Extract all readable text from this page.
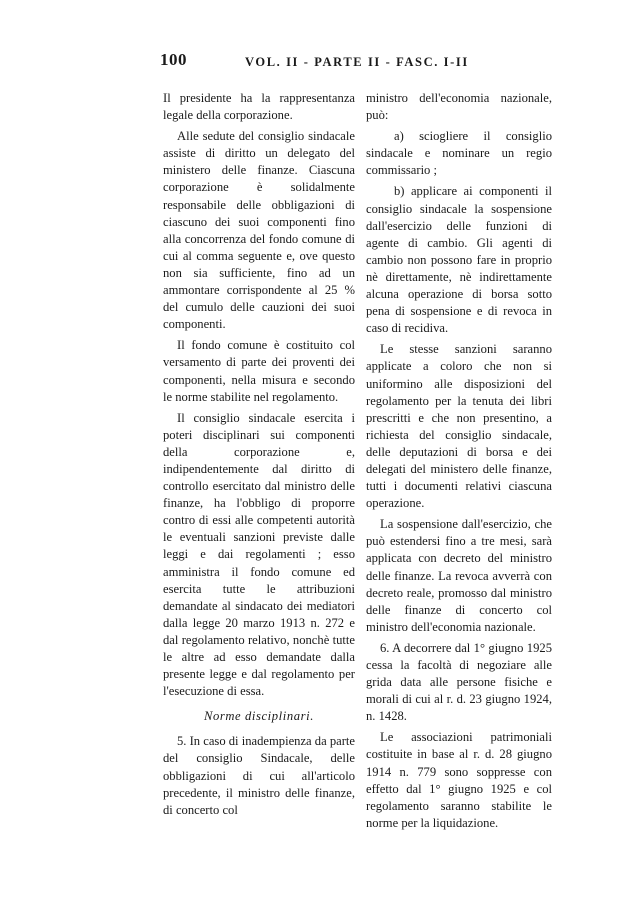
100	VOL. II - PARTE II - FASC. I-II

Il presidente ha la rappresentanza legale della corporazione.

Alle sedute del consiglio sindacale assiste di diritto un delegato del ministero delle finanze. Ciascuna corporazione è solidalmente responsabile delle obbligazioni di ciascuno dei suoi componenti fino alla concorrenza del fondo comune di cui al comma seguente e, ove questo non sia sufficiente, fino ad un ammontare corrispondente al 25 % del cumulo delle cauzioni dei suoi componenti.

Il fondo comune è costituito col versamento di parte dei proventi dei componenti, nella misura e secondo le norme stabilite nel regolamento.

Il consiglio sindacale esercita i poteri disciplinari sui componenti della corporazione e, indipendentemente dal diritto di controllo esercitato dal ministro delle finanze, ha l'obbligo di proporre contro di essi alle competenti autorità le eventuali sanzioni previste dalle leggi e dai regolamenti ; esso amministra il fondo comune ed esercita tutte le attribuzioni demandate al sindacato dei mediatori dalla legge 20 marzo 1913 n. 272 e dal regolamento relativo, nonchè tutte le altre ad esso demandate dalla presente legge e dal regolamento per l'esecuzione di essa.

Norme disciplinari.

5. In caso di inadempienza da parte del consiglio Sindacale, delle obbligazioni di cui all'articolo precedente, il ministro delle finanze, di concerto col

ministro dell'economia nazionale, può:

a) sciogliere il consiglio sindacale e nominare un regio commissario ;

b) applicare ai componenti il consiglio sindacale la sospensione dall'esercizio delle funzioni di agente di cambio. Gli agenti di cambio non possono fare in proprio nè direttamente, nè indirettamente alcuna operazione di borsa sotto pena di sospensione e di revoca in caso di recidiva.

Le stesse sanzioni saranno applicate a coloro che non si uniformino alle disposizioni del regolamento per la tenuta dei libri prescritti e che non presentino, a richiesta del consiglio sindacale, delle deputazioni di borsa e dei delegati del ministero delle finanze, tutti i documenti relativi ciascuna operazione.

La sospensione dall'esercizio, che può estendersi fino a tre mesi, sarà applicata con decreto del ministro delle finanze. La revoca avverrà con decreto reale, promosso dal ministro delle finanze di concerto col ministro dell'economia nazionale.

6. A decorrere dal 1° giugno 1925 cessa la facoltà di negoziare alle grida data alle persone fisiche e morali di cui al r. d. 23 giugno 1924, n. 1428.

Le associazioni patrimoniali costituite in base al r. d. 28 giugno 1914 n. 779 sono soppresse con effetto dal 1° giugno 1925 e col regolamento saranno stabilite le norme per la liquidazione.
